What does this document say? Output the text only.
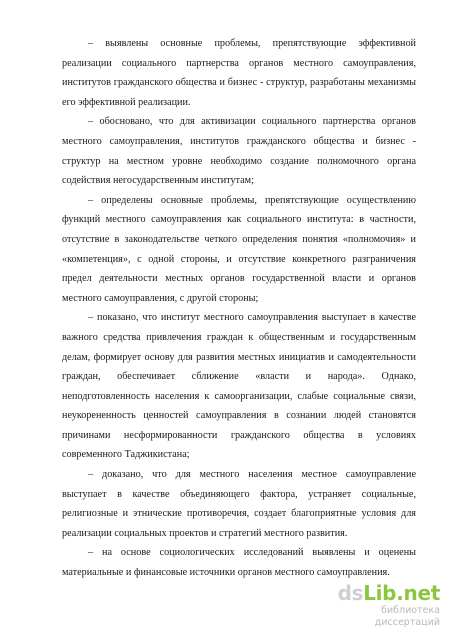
– выявлены основные проблемы, препятствующие эффективной реализации социального партнерства органов местного самоуправления, институтов гражданского общества и бизнес - структур, разработаны механизмы его эффективной реализации.

– обосновано, что для активизации социального партнерства органов местного самоуправления, институтов гражданского общества и бизнес - структур на местном уровне необходимо создание полномочного органа содействия негосударственным институтам;

– определены основные проблемы, препятствующие осуществлению функций местного самоуправления как социального института: в частности, отсутствие в законодательстве четкого определения понятия «полномочия» и «компетенция», с одной стороны, и отсутствие конкретного разграничения предел деятельности местных органов государственной власти и органов местного самоуправления, с другой стороны;

– показано, что институт местного самоуправления выступает в качестве важного средства привлечения граждан к общественным и государственным делам, формирует основу для развития местных инициатив и самодеятельности граждан, обеспечивает сближение «власти и народа». Однако, неподготовленность населения к самоорганизации, слабые социальные связи, неукорененность ценностей самоуправления в сознании людей становятся причинами несформированности гражданского общества в условиях современного Таджикистана;

– доказано, что для местного населения местное самоуправление выступает в качестве объединяющего фактора, устраняет социальные, религиозные и этнические противоречия, создает благоприятные условия для реализации социальных проектов и стратегий местного развития.

– на основе социологических исследований выявлены и оценены материальные и финансовые источники органов местного самоуправления.

dsLib.net
библиотека диссертаций
